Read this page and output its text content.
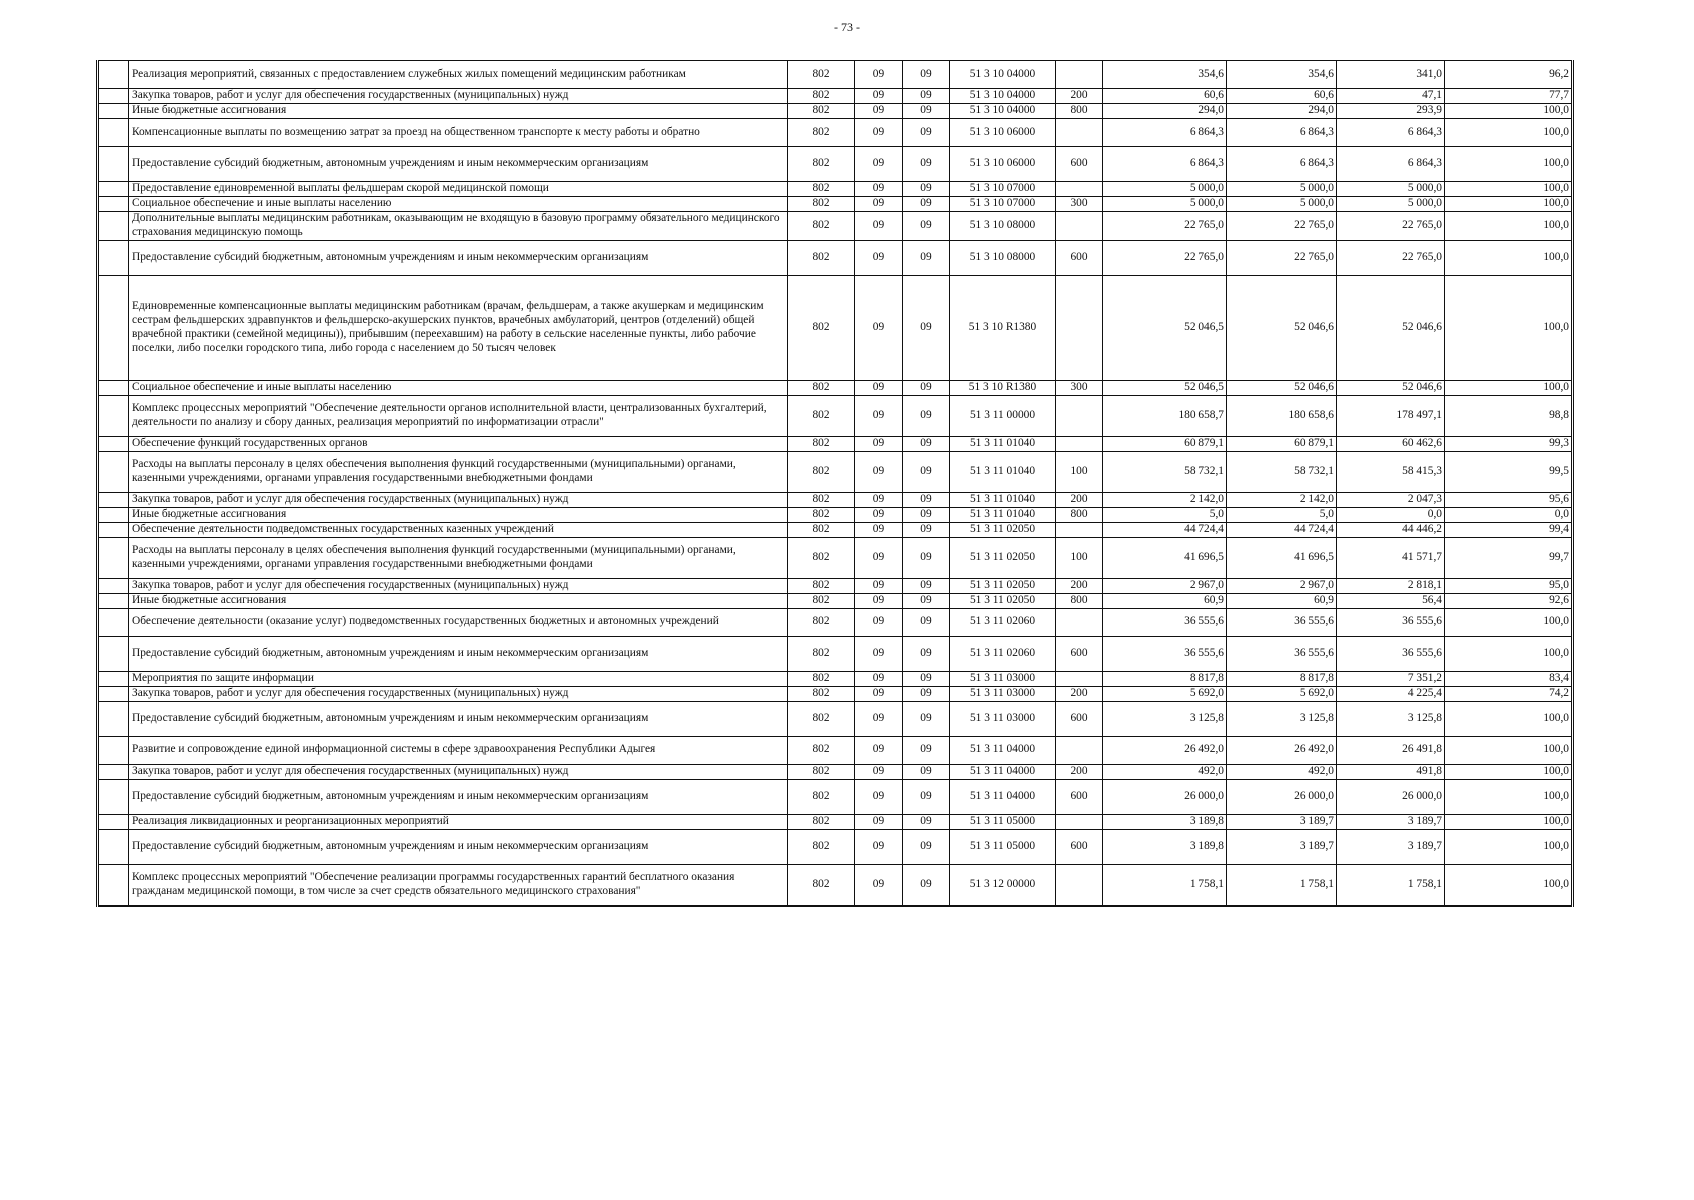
- 73 -
	Реализация мероприятий, связанных с предоставлением служебных жилых помещений медицинским работникам	802	09	09	51 3 10 04000		354,6	354,6	341,0	96,2
	Закупка товаров, работ и услуг для обеспечения государственных (муниципальных) нужд	802	09	09	51 3 10 04000	200	60,6	60,6	47,1	77,7
	Иные бюджетные ассигнования	802	09	09	51 3 10 04000	800	294,0	294,0	293,9	100,0
	Компенсационные выплаты по возмещению затрат за проезд на общественном транспорте к месту работы и обратно	802	09	09	51 3 10 06000		6 864,3	6 864,3	6 864,3	100,0
	Предоставление субсидий бюджетным, автономным учреждениям и иным некоммерческим организациям	802	09	09	51 3 10 06000	600	6 864,3	6 864,3	6 864,3	100,0
	Предоставление единовременной выплаты фельдшерам скорой медицинской помощи	802	09	09	51 3 10 07000		5 000,0	5 000,0	5 000,0	100,0
	Социальное обеспечение и иные выплаты населению	802	09	09	51 3 10 07000	300	5 000,0	5 000,0	5 000,0	100,0
	Дополнительные выплаты медицинским работникам, оказывающим не входящую в базовую программу обязательного медицинского страхования медицинскую помощь	802	09	09	51 3 10 08000		22 765,0	22 765,0	22 765,0	100,0
	Предоставление субсидий бюджетным, автономным учреждениям и иным некоммерческим организациям	802	09	09	51 3 10 08000	600	22 765,0	22 765,0	22 765,0	100,0
	Единовременные компенсационные выплаты медицинским работникам (врачам, фельдшерам, а также акушеркам и медицинским сестрам фельдшерских здравпунктов и фельдшерско-акушерских пунктов, врачебных амбулаторий, центров (отделений) общей врачебной практики (семейной медицины)), прибывшим (переехавшим) на работу в сельские населенные пункты, либо рабочие поселки, либо поселки городского типа, либо города с населением до 50 тысяч человек	802	09	09	51 3 10 R1380		52 046,5	52 046,6	52 046,6	100,0
	Социальное обеспечение и иные выплаты населению	802	09	09	51 3 10 R1380	300	52 046,5	52 046,6	52 046,6	100,0
	Комплекс процессных мероприятий "Обеспечение деятельности органов исполнительной власти, централизованных бухгалтерий, деятельности по анализу и сбору данных, реализация мероприятий по информатизации отрасли"	802	09	09	51 3 11 00000		180 658,7	180 658,6	178 497,1	98,8
	Обеспечение функций государственных органов	802	09	09	51 3 11 01040		60 879,1	60 879,1	60 462,6	99,3
	Расходы на выплаты персоналу в целях обеспечения выполнения функций государственными (муниципальными) органами, казенными учреждениями, органами управления государственными внебюджетными фондами	802	09	09	51 3 11 01040	100	58 732,1	58 732,1	58 415,3	99,5
	Закупка товаров, работ и услуг для обеспечения государственных (муниципальных) нужд	802	09	09	51 3 11 01040	200	2 142,0	2 142,0	2 047,3	95,6
	Иные бюджетные ассигнования	802	09	09	51 3 11 01040	800	5,0	5,0	0,0	0,0
	Обеспечение деятельности подведомственных государственных казенных учреждений	802	09	09	51 3 11 02050		44 724,4	44 724,4	44 446,2	99,4
	Расходы на выплаты персоналу в целях обеспечения выполнения функций государственными (муниципальными) органами, казенными учреждениями, органами управления государственными внебюджетными фондами	802	09	09	51 3 11 02050	100	41 696,5	41 696,5	41 571,7	99,7
	Закупка товаров, работ и услуг для обеспечения государственных (муниципальных) нужд	802	09	09	51 3 11 02050	200	2 967,0	2 967,0	2 818,1	95,0
	Иные бюджетные ассигнования	802	09	09	51 3 11 02050	800	60,9	60,9	56,4	92,6
	Обеспечение деятельности (оказание услуг) подведомственных государственных бюджетных и автономных учреждений	802	09	09	51 3 11 02060		36 555,6	36 555,6	36 555,6	100,0
	Предоставление субсидий бюджетным, автономным учреждениям и иным некоммерческим организациям	802	09	09	51 3 11 02060	600	36 555,6	36 555,6	36 555,6	100,0
	Мероприятия по защите информации	802	09	09	51 3 11 03000		8 817,8	8 817,8	7 351,2	83,4
	Закупка товаров, работ и услуг для обеспечения государственных (муниципальных) нужд	802	09	09	51 3 11 03000	200	5 692,0	5 692,0	4 225,4	74,2
	Предоставление субсидий бюджетным, автономным учреждениям и иным некоммерческим организациям	802	09	09	51 3 11 03000	600	3 125,8	3 125,8	3 125,8	100,0
	Развитие и сопровождение единой информационной системы в сфере здравоохранения Республики Адыгея	802	09	09	51 3 11 04000		26 492,0	26 492,0	26 491,8	100,0
	Закупка товаров, работ и услуг для обеспечения государственных (муниципальных) нужд	802	09	09	51 3 11 04000	200	492,0	492,0	491,8	100,0
	Предоставление субсидий бюджетным, автономным учреждениям и иным некоммерческим организациям	802	09	09	51 3 11 04000	600	26 000,0	26 000,0	26 000,0	100,0
	Реализация ликвидационных и реорганизационных мероприятий	802	09	09	51 3 11 05000		3 189,8	3 189,7	3 189,7	100,0
	Предоставление субсидий бюджетным, автономным учреждениям и иным некоммерческим организациям	802	09	09	51 3 11 05000	600	3 189,8	3 189,7	3 189,7	100,0
	Комплекс процессных мероприятий "Обеспечение реализации программы государственных гарантий бесплатного оказания гражданам медицинской помощи, в том числе за счет средств обязательного медицинского страхования"	802	09	09	51 3 12 00000		1 758,1	1 758,1	1 758,1	100,0
